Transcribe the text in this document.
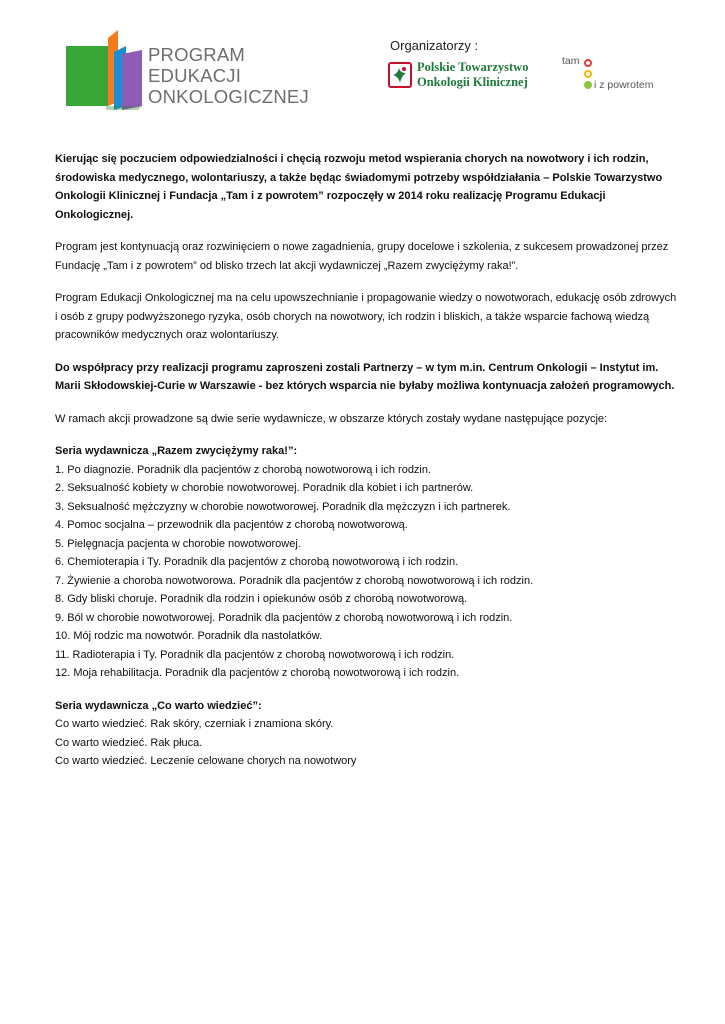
PROGRAM
EDUKACJI
ONKOLOGICZNEJ
Organizatorzy :
Polskie Towarzystwo
Onkologii Klinicznej
tam
i z powrotem

Kierując się poczuciem odpowiedzialności i chęcią rozwoju metod wspierania chorych na nowotwory i ich rodzin, środowiska medycznego, wolontariuszy, a także będąc świadomymi potrzeby współdziałania – Polskie Towarzystwo Onkologii Klinicznej i Fundacja „Tam i z powrotem” rozpoczęły w 2014 roku realizację Programu Edukacji Onkologicznej.

Program jest kontynuacją oraz rozwinięciem o nowe zagadnienia, grupy docelowe i szkolenia, z sukcesem prowadzonej przez Fundację „Tam i z powrotem” od blisko trzech lat akcji wydawniczej „Razem zwyciężymy raka!”.

Program Edukacji Onkologicznej ma na celu upowszechnianie i propagowanie wiedzy o nowotworach, edukację osób zdrowych i osób z grupy podwyższonego ryzyka, osób chorych na nowotwory, ich rodzin i bliskich, a także wsparcie fachową wiedzą pracowników medycznych oraz wolontariuszy.

Do współpracy przy realizacji programu zaproszeni zostali Partnerzy – w tym m.in. Centrum Onkologii – Instytut im. Marii Skłodowskiej-Curie w Warszawie - bez których wsparcia nie byłaby możliwa kontynuacja założeń programowych.

W ramach akcji prowadzone są dwie serie wydawnicze, w obszarze których zostały wydane następujące pozycje:

Seria wydawnicza „Razem zwyciężymy raka!”:
1. Po diagnozie. Poradnik dla pacjentów z chorobą nowotworową i ich rodzin.
2. Seksualność kobiety w chorobie nowotworowej. Poradnik dla kobiet i ich partnerów.
3. Seksualność mężczyzny w chorobie nowotworowej. Poradnik dla mężczyzn i ich partnerek.
4. Pomoc socjalna – przewodnik dla pacjentów z chorobą nowotworową.
5. Pielęgnacja pacjenta w chorobie nowotworowej.
6. Chemioterapia i Ty. Poradnik dla pacjentów z chorobą nowotworową i ich rodzin.
7. Żywienie a choroba nowotworowa. Poradnik dla pacjentów z chorobą nowotworową i ich rodzin.
8. Gdy bliski choruje. Poradnik dla rodzin i opiekunów osób z chorobą nowotworową.
9. Ból w chorobie nowotworowej. Poradnik dla pacjentów z chorobą nowotworową i ich rodzin.
10. Mój rodzic ma nowotwór. Poradnik dla nastolatków.
11. Radioterapia i Ty. Poradnik dla pacjentów z chorobą nowotworową i ich rodzin.
12. Moja rehabilitacja. Poradnik dla pacjentów z chorobą nowotworową i ich rodzin.
Seria wydawnicza „Co warto wiedzieć”:
Co warto wiedzieć. Rak skóry, czerniak i znamiona skóry.
Co warto wiedzieć. Rak płuca.
Co warto wiedzieć. Leczenie celowane chorych na nowotwory
